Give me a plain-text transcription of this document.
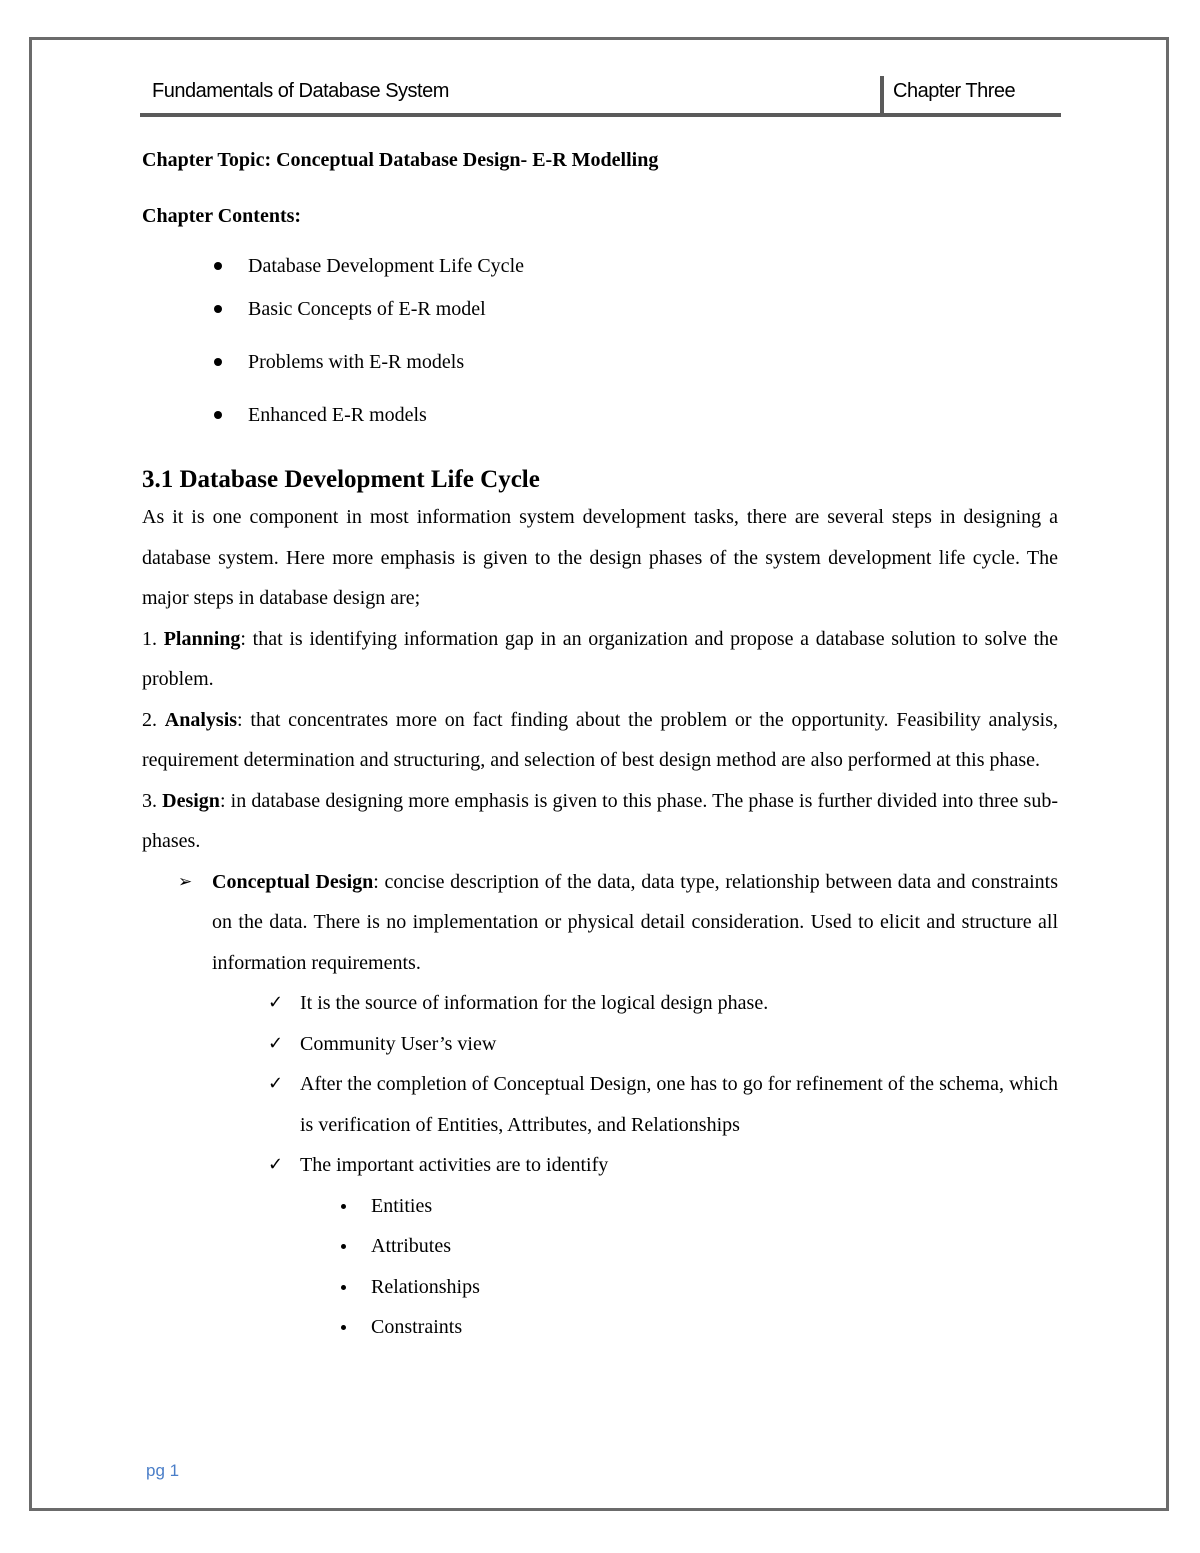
Fundamentals of Database System	Chapter Three

Chapter Topic: Conceptual Database Design- E-R Modelling

Chapter Contents:

Database Development Life Cycle
Basic Concepts of E-R model
Problems with E-R models
Enhanced E-R models
3.1 Database Development Life Cycle

As it is one component in most information system development tasks, there are several steps in designing a database system. Here more emphasis is given to the design phases of the system development life cycle. The major steps in database design are;

1. Planning: that is identifying information gap in an organization and propose a database solution to solve the problem.

2. Analysis: that concentrates more on fact finding about the problem or the opportunity. Feasibility analysis, requirement determination and structuring, and selection of best design method are also performed at this phase.

3. Design: in database designing more emphasis is given to this phase. The phase is further divided into three sub-phases.

➢ Conceptual Design: concise description of the data, data type, relationship between data and constraints on the data. There is no implementation or physical detail consideration. Used to elicit and structure all information requirements.
✓ It is the source of information for the logical design phase.
✓ Community User’s view
✓ After the completion of Conceptual Design, one has to go for refinement of the schema, which is verification of Entities, Attributes, and Relationships
✓ The important activities are to identify
Entities
Attributes
Relationships
Constraints
pg 1
